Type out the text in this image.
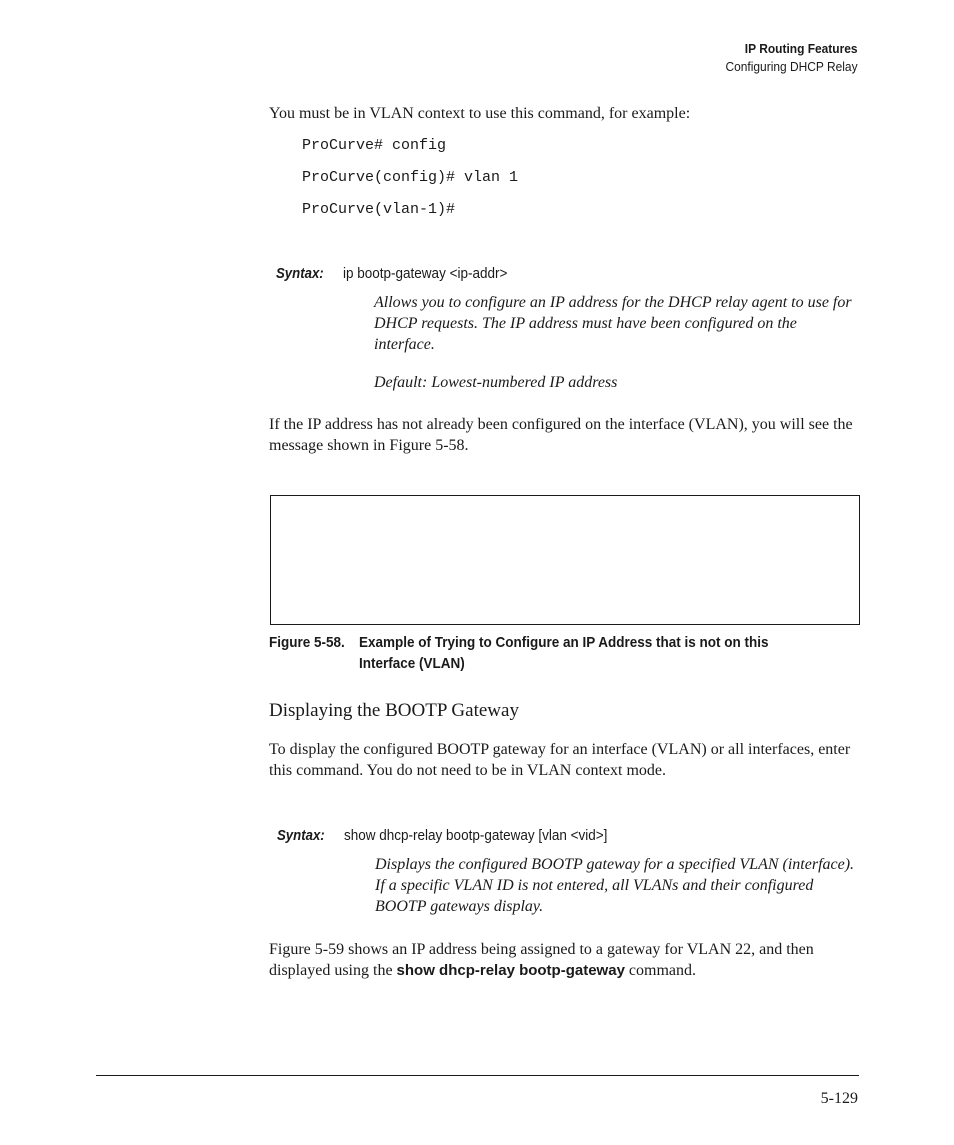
IP Routing Features
Configuring DHCP Relay
You must be in VLAN context to use this command, for example:
ProCurve# config
ProCurve(config)# vlan 1
ProCurve(vlan-1)#
Syntax: ip bootp-gateway <ip-addr>
Allows you to configure an IP address for the DHCP relay agent to use for DHCP requests. The IP address must have been configured on the interface.
Default: Lowest-numbered IP address
If the IP address has not already been configured on the interface (VLAN), you will see the message shown in Figure 5-58.
Figure 5-58. Example of Trying to Configure an IP Address that is not on this
Interface (VLAN)
Displaying the BOOTP Gateway
To display the configured BOOTP gateway for an interface (VLAN) or all interfaces, enter this command. You do not need to be in VLAN context mode.
Syntax: show dhcp-relay bootp-gateway [vlan <vid>]
Displays the configured BOOTP gateway for a specified VLAN (interface). If a specific VLAN ID is not entered, all VLANs and their configured BOOTP gateways display.
Figure 5-59 shows an IP address being assigned to a gateway for VLAN 22, and then displayed using the show dhcp-relay bootp-gateway command.
5-129
